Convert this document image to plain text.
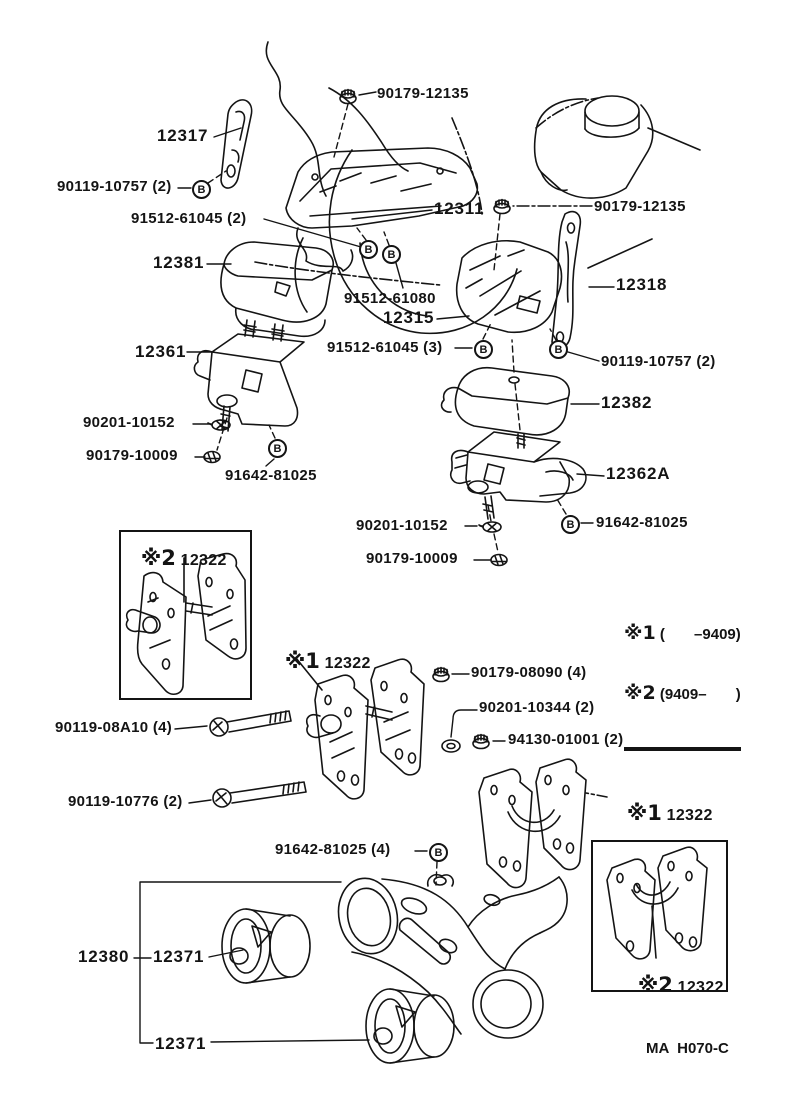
90179-12135
12317
90119-10757 (2)
91512-61045 (2)
12311	90179-12135
12381
91512-61080
12318
12315
91512-61045 (3)
90119-10757 (2)
12361
12382
90201-10152
90179-10009
91642-81025	12362A
90201-10152	91642-81025
90179-10009

※2 12322

※1 12322

90179-08090 (4)
90201-10344 (2)
94130-01001 (2)
90119-08A10 (4)
90119-10776 (2)	※1 12322

91642-81025 (4)
12380 12371
12371

※2 12322

B
B	B
B	B
B
B
B

※1 (       –9409)

※2 (9409–       )

MA  H070-C
